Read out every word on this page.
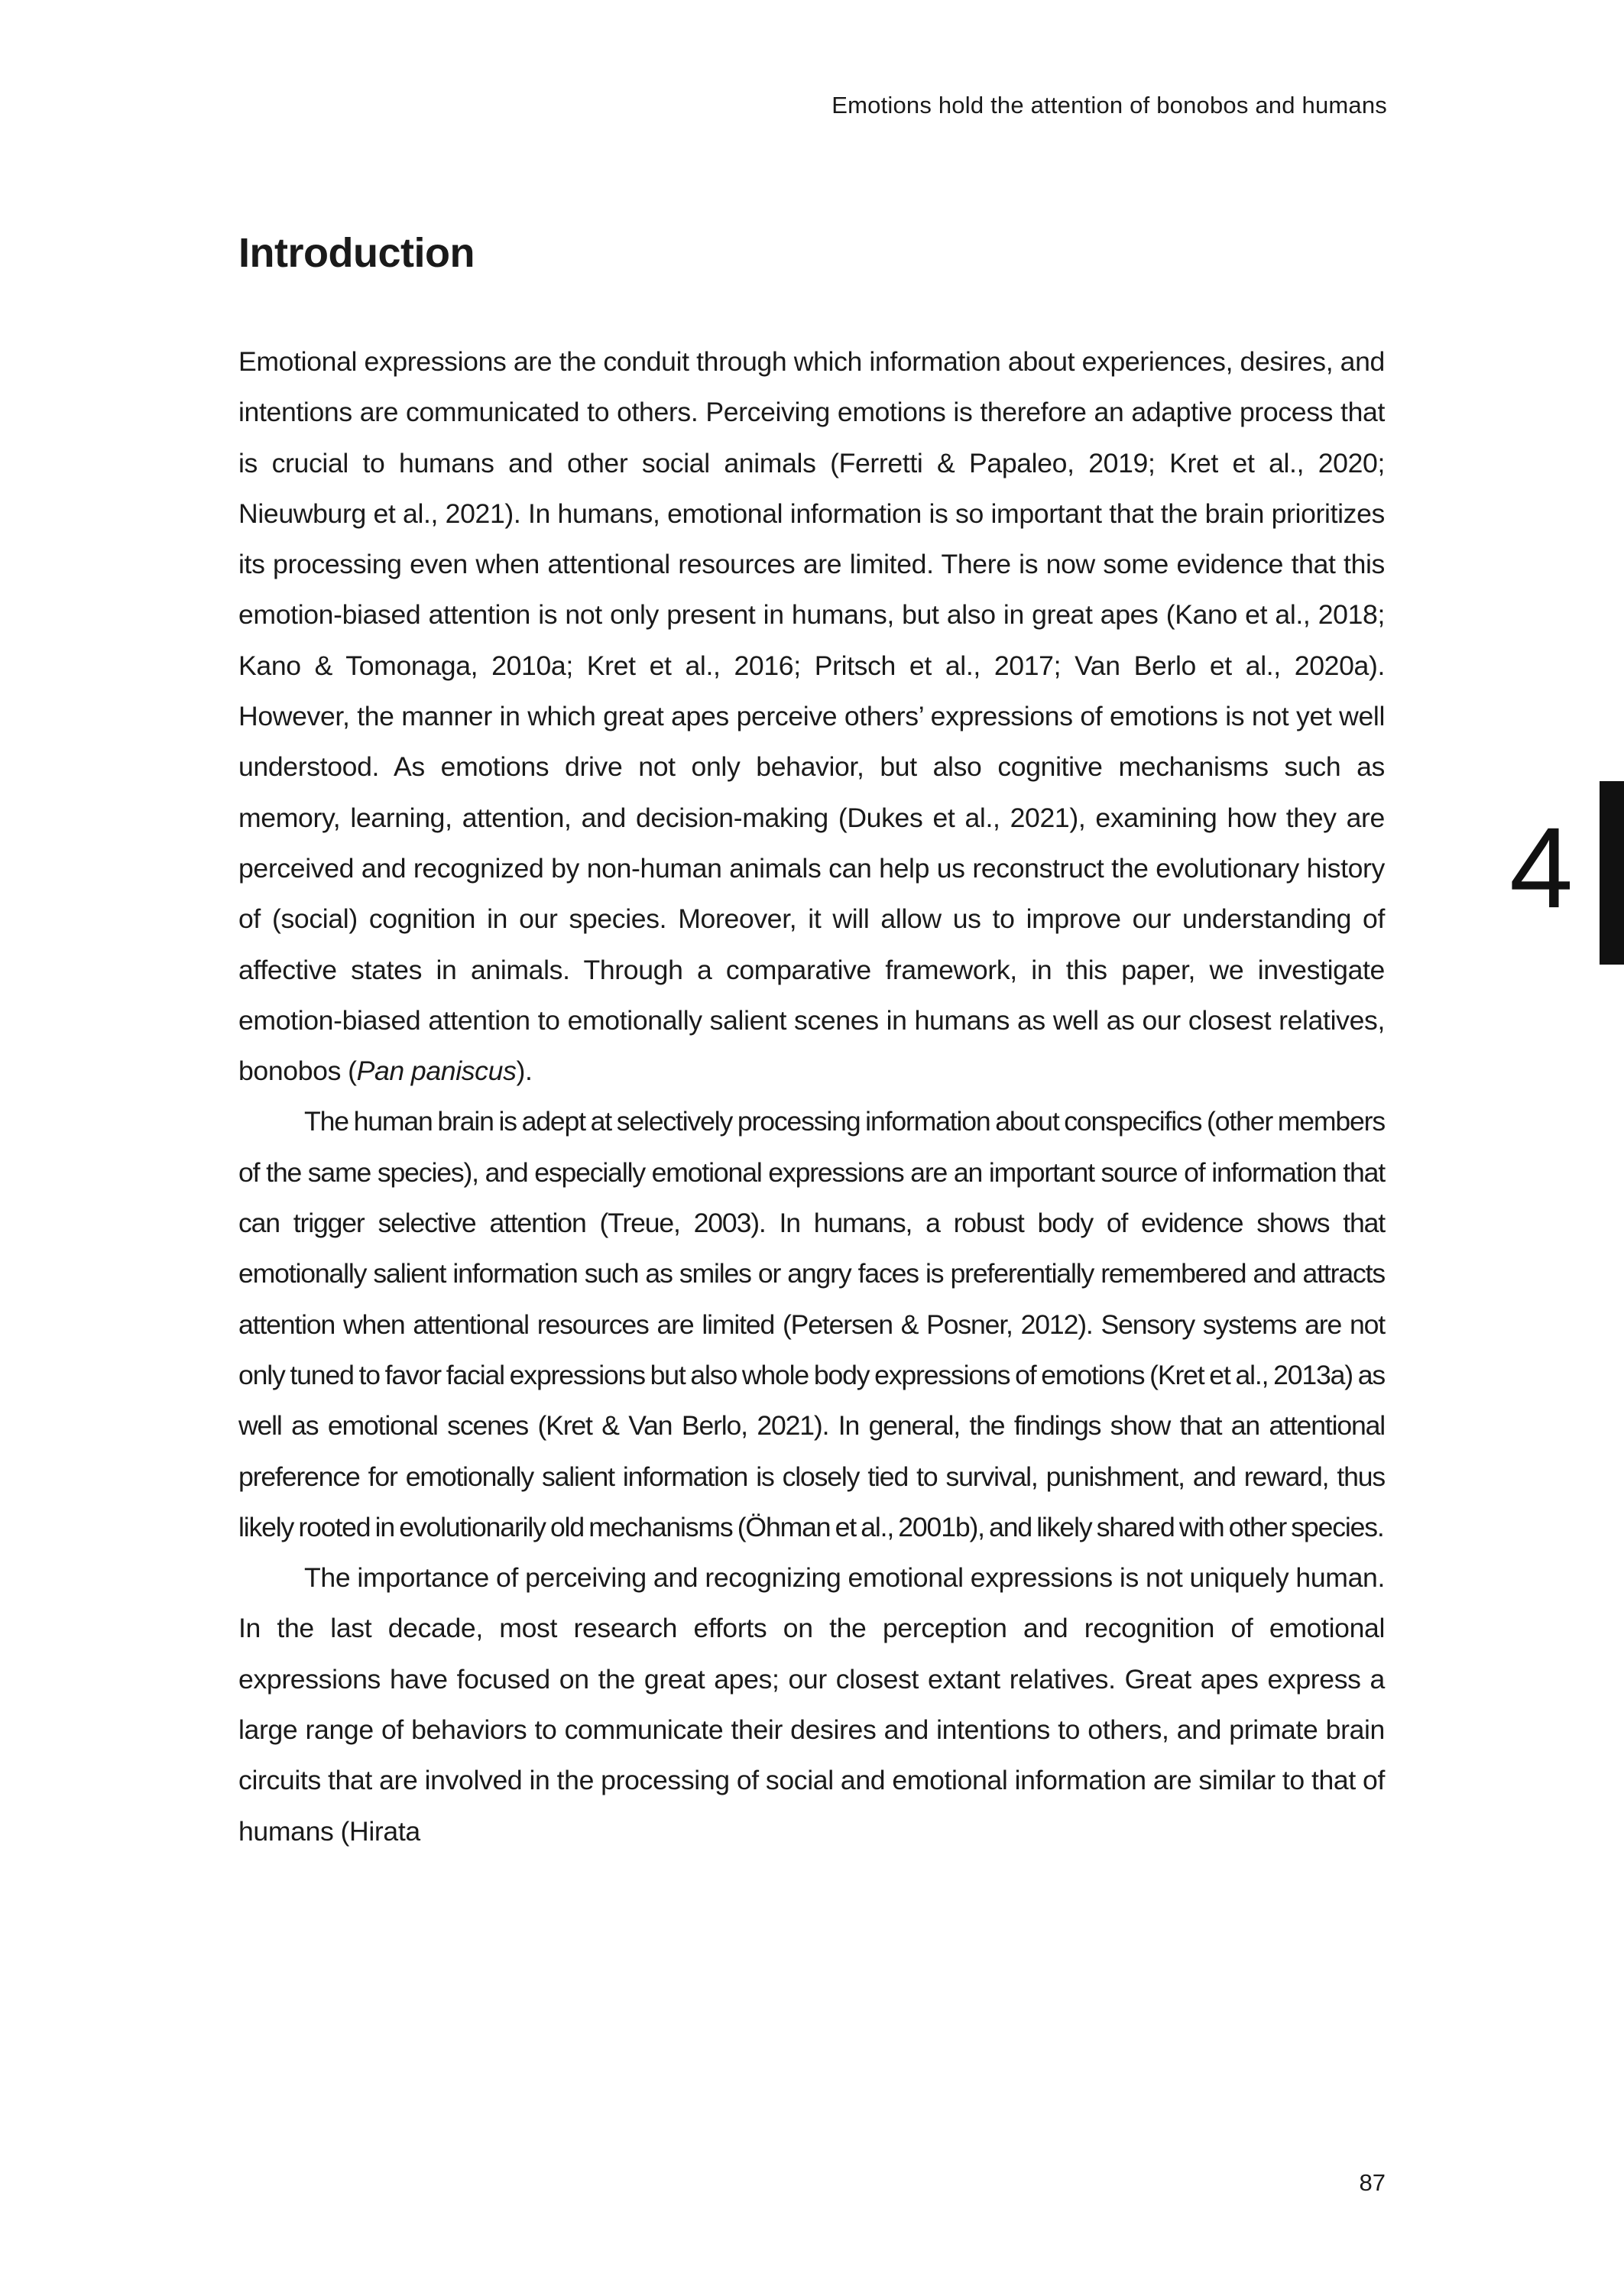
Emotions hold the attention of bonobos and humans
Introduction

Emotional expressions are the conduit through which information about experiences, desires, and intentions are communicated to others. Perceiving emotions is therefore an adaptive process that is crucial to humans and other social animals (Ferretti & Papaleo, 2019; Kret et al., 2020; Nieuwburg et al., 2021). In humans, emotional information is so important that the brain prioritizes its processing even when attentional resources are limited. There is now some evidence that this emotion-biased attention is not only present in humans, but also in great apes (Kano et al., 2018; Kano & Tomonaga, 2010a; Kret et al., 2016; Pritsch et al., 2017; Van Berlo et al., 2020a). However, the manner in which great apes perceive others’ expressions of emotions is not yet well understood. As emotions drive not only behavior, but also cognitive mechanisms such as memory, learning, attention, and decision-making (Dukes et al., 2021), examining how they are perceived and recognized by non-human animals can help us reconstruct the evolutionary history of (social) cognition in our species. Moreover, it will allow us to improve our understanding of affective states in animals. Through a comparative framework, in this paper, we investigate emotion-biased attention to emotionally salient scenes in humans as well as our closest relatives, bonobos (Pan paniscus).

The human brain is adept at selectively processing information about conspecifics (other members of the same species), and especially emotional expressions are an important source of information that can trigger selective attention (Treue, 2003). In humans, a robust body of evidence shows that emotionally salient information such as smiles or angry faces is preferentially remembered and attracts attention when attentional resources are limited (Petersen & Posner, 2012). Sensory systems are not only tuned to favor facial expressions but also whole body expressions of emotions (Kret et al., 2013a) as well as emotional scenes (Kret & Van Berlo, 2021). In general, the findings show that an attentional preference for emotionally salient information is closely tied to survival, punishment, and reward, thus likely rooted in evolutionarily old mechanisms (Öhman et al., 2001b), and likely shared with other species.

The importance of perceiving and recognizing emotional expressions is not uniquely human. In the last decade, most research efforts on the perception and recognition of emotional expressions have focused on the great apes; our closest extant relatives. Great apes express a large range of behaviors to communicate their desires and intentions to others, and primate brain circuits that are involved in the processing of social and emotional information are similar to that of humans (Hirata

4
87
